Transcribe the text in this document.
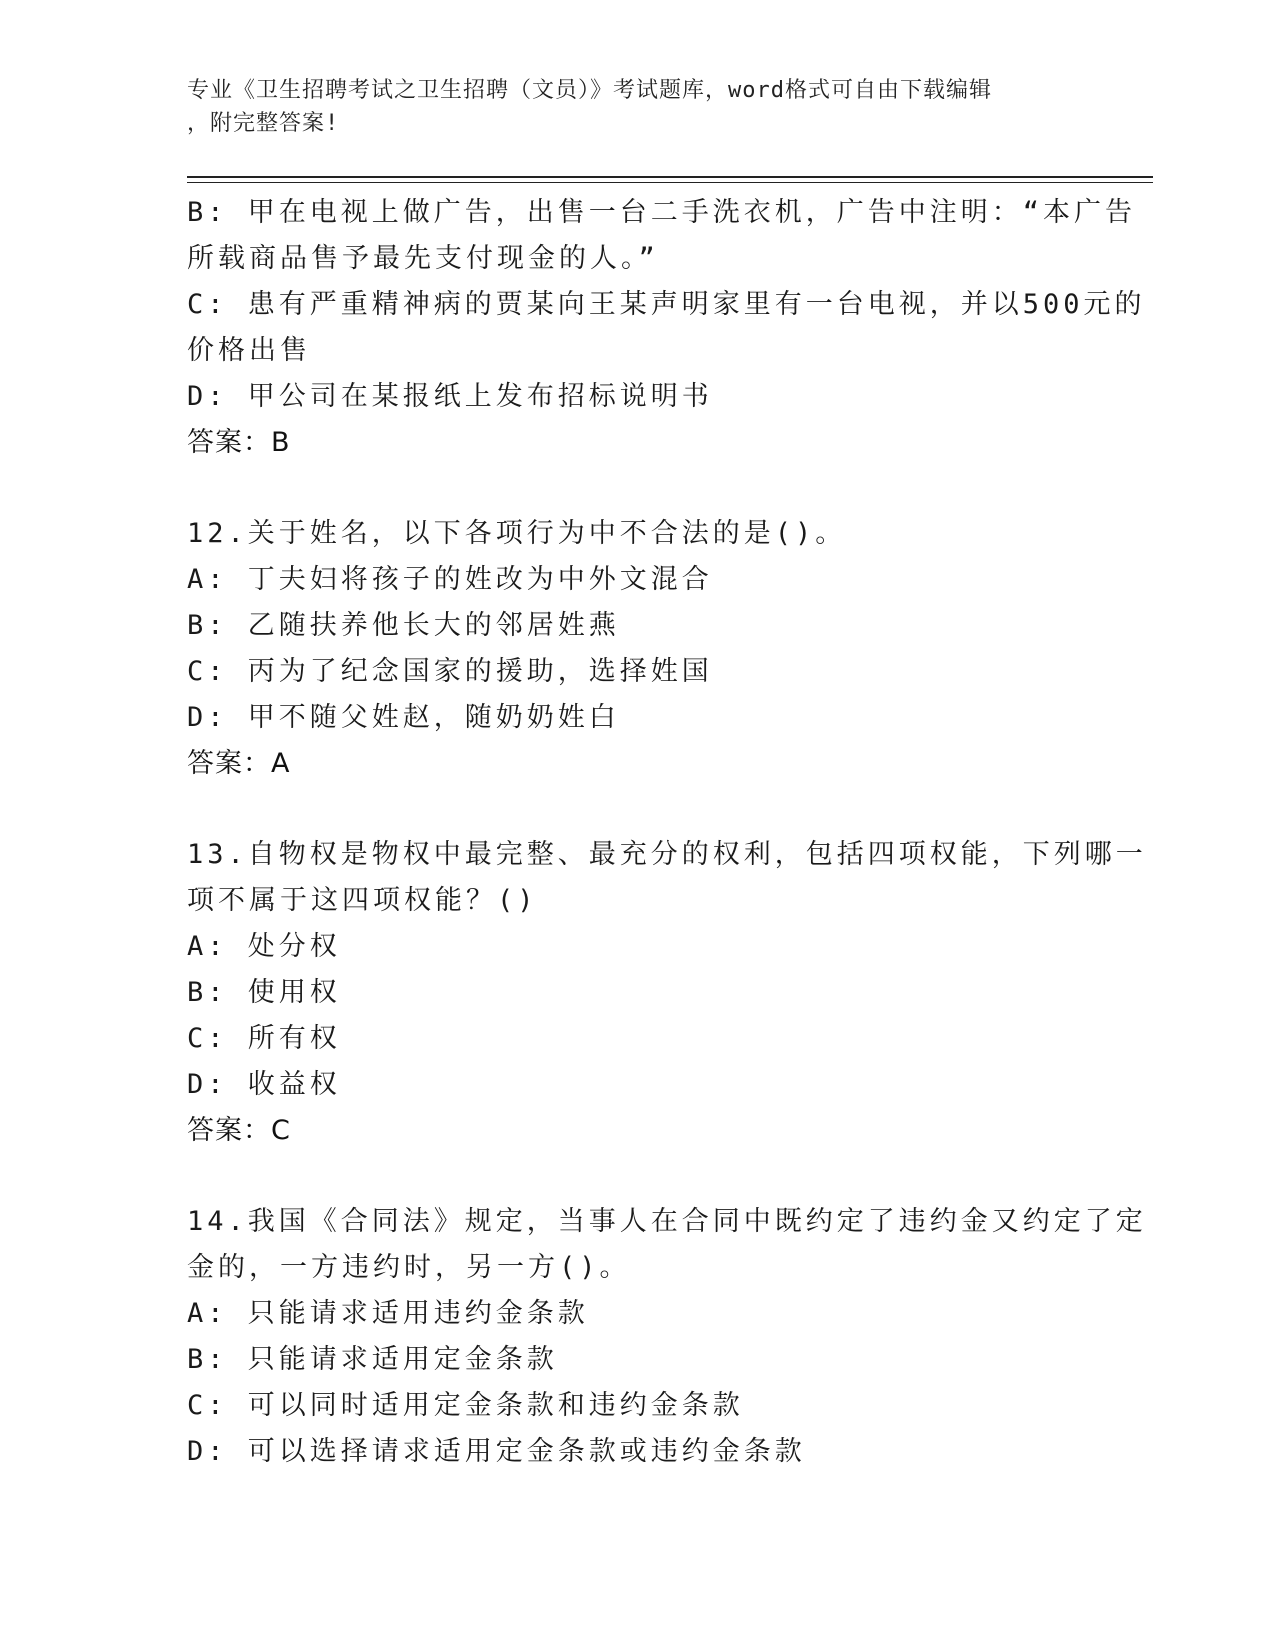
专业《卫生招聘考试之卫生招聘（文员）》考试题库，word格式可自由下载编辑
，附完整答案!
B: 甲在电视上做广告，出售一台二手洗衣机，广告中注明：“本广告
所载商品售予最先支付现金的人。”
C: 患有严重精神病的贾某向王某声明家里有一台电视，并以500元的
价格出售
D: 甲公司在某报纸上发布招标说明书
答案：B
12.关于姓名，以下各项行为中不合法的是()。
A: 丁夫妇将孩子的姓改为中外文混合
B: 乙随扶养他长大的邻居姓燕
C: 丙为了纪念国家的援助，选择姓国
D: 甲不随父姓赵，随奶奶姓白
答案：A
13.自物权是物权中最完整、最充分的权利，包括四项权能，下列哪一
项不属于这四项权能？()
A: 处分权
B: 使用权
C: 所有权
D: 收益权
答案：C
14.我国《合同法》规定，当事人在合同中既约定了违约金又约定了定
金的，一方违约时，另一方()。
A: 只能请求适用违约金条款
B: 只能请求适用定金条款
C: 可以同时适用定金条款和违约金条款
D: 可以选择请求适用定金条款或违约金条款
